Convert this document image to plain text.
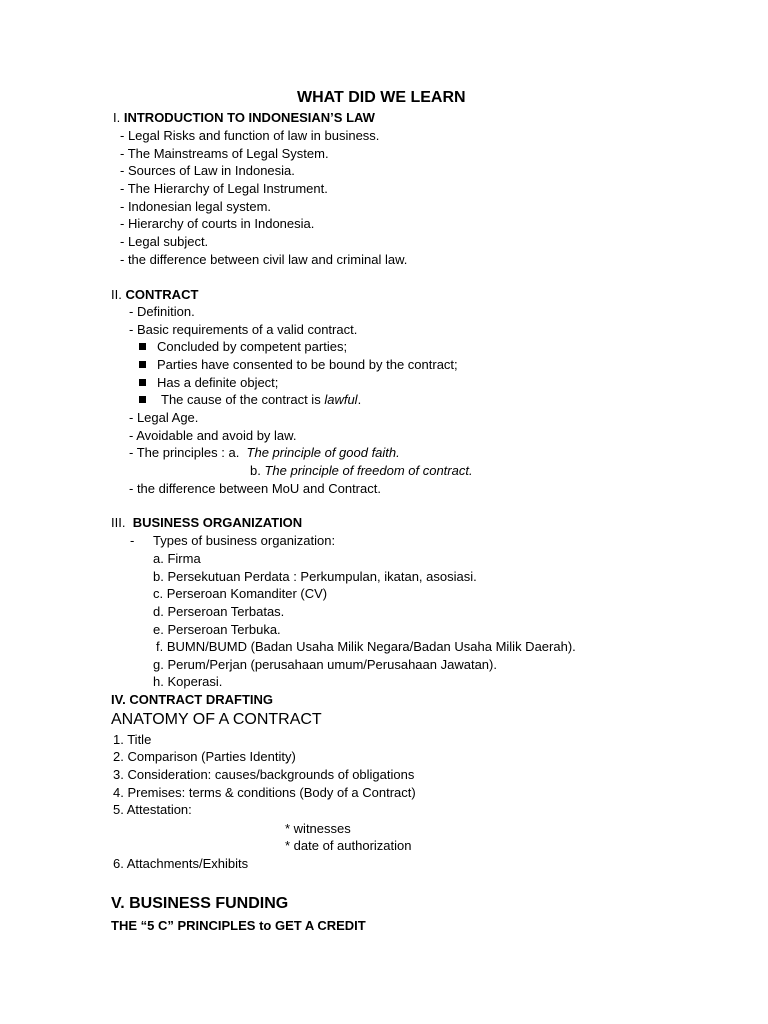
WHAT DID WE LEARN
I. INTRODUCTION TO INDONESIAN’S LAW
- Legal Risks and function of law in business.
- The Mainstreams of Legal System.
- Sources of Law in Indonesia.
- The Hierarchy of Legal Instrument.
- Indonesian legal system.
- Hierarchy of courts in Indonesia.
- Legal subject.
- the difference between civil law and criminal law.
II. CONTRACT
- Definition.
- Basic requirements of a valid contract.
Concluded by competent parties;
Parties have consented to be bound by the contract;
Has a definite object;
The cause of the contract is lawful.
- Legal Age.
- Avoidable and avoid by law.
- The principles : a. The principle of good faith.
b. The principle of freedom of contract.
- the difference between MoU and Contract.
III. BUSINESS ORGANIZATION
- Types of business organization:
a. Firma
b. Persekutuan Perdata : Perkumpulan, ikatan, asosiasi.
c. Perseroan Komanditer (CV)
d. Perseroan Terbatas.
e. Perseroan Terbuka.
f. BUMN/BUMD (Badan Usaha Milik Negara/Badan Usaha Milik Daerah).
g. Perum/Perjan (perusahaan umum/Perusahaan Jawatan).
h. Koperasi.
IV. CONTRACT DRAFTING
ANATOMY OF A CONTRACT
1. Title
2. Comparison (Parties Identity)
3. Consideration: causes/backgrounds of obligations
4. Premises: terms & conditions (Body of a Contract)
5. Attestation:
* witnesses
* date of authorization
6. Attachments/Exhibits
V. BUSINESS FUNDING
THE “5 C” PRINCIPLES to GET A CREDIT
